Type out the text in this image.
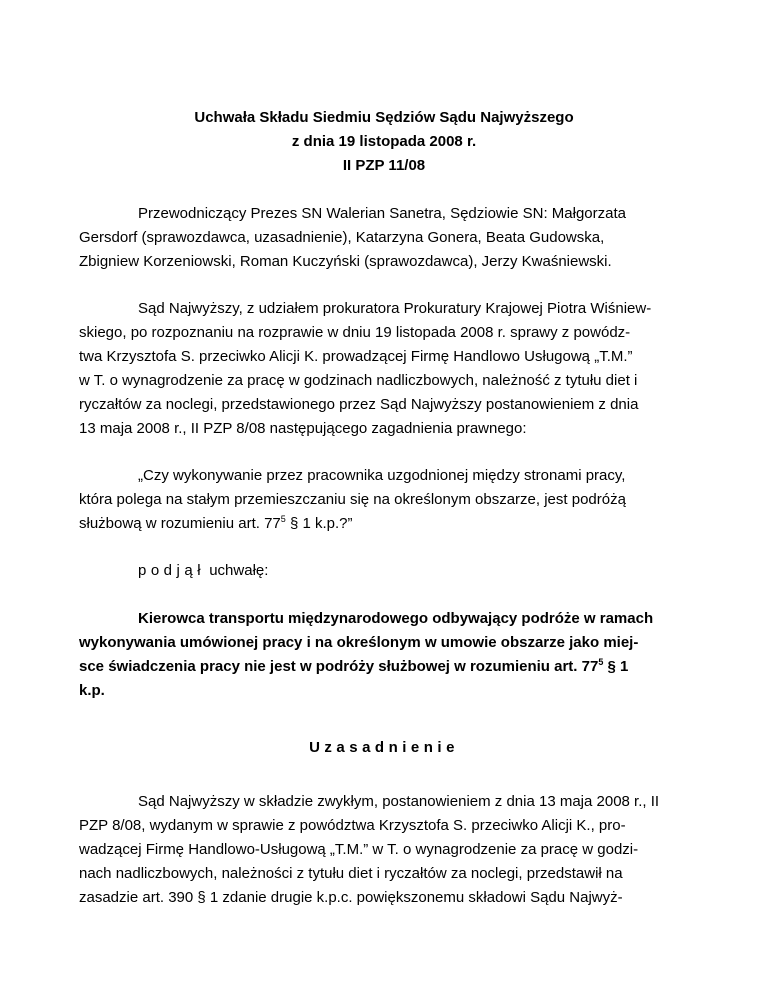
Uchwała Składu Siedmiu Sędziów Sądu Najwyższego
z dnia 19 listopada 2008 r.
II PZP 11/08
Przewodniczący Prezes SN Walerian Sanetra, Sędziowie SN: Małgorzata
Gersdorf (sprawozdawca, uzasadnienie), Katarzyna Gonera, Beata Gudowska,
Zbigniew Korzeniowski, Roman Kuczyński (sprawozdawca), Jerzy Kwaśniewski.
Sąd Najwyższy, z udziałem prokuratora Prokuratury Krajowej Piotra Wiśniew-
skiego, po rozpoznaniu na rozprawie w dniu 19 listopada 2008 r. sprawy z powódz-
twa Krzysztofa S. przeciwko Alicji K. prowadzącej Firmę Handlowo Usługową „T.M.”
w T. o wynagrodzenie za pracę w godzinach nadliczbowych, należność z tytułu diet i
ryczałtów za noclegi, przedstawionego przez Sąd Najwyższy postanowieniem z dnia
13 maja 2008 r., II PZP 8/08 następującego zagadnienia prawnego:
„Czy wykonywanie przez pracownika uzgodnionej między stronami pracy,
która polega na stałym przemieszczaniu się na określonym obszarze, jest podróżą
służbową w rozumieniu art. $77^5$ § 1 k.p.?”
podjął uchwałę:
Kierowca transportu międzynarodowego odbywający podróże w ramach
wykonywania umówionej pracy i na określonym w umowie obszarze jako miej-
sce świadczenia pracy nie jest w podróży służbowej w rozumieniu art. $77^5$ § 1
k.p.
Uzasadnienie
Sąd Najwyższy w składzie zwykłym, postanowieniem z dnia 13 maja 2008 r., II
PZP 8/08, wydanym w sprawie z powództwa Krzysztofa S. przeciwko Alicji K., pro-
wadzącej Firmę Handlowo-Usługową „T.M.” w T. o wynagrodzenie za pracę w godzi-
nach nadliczbowych, należności z tytułu diet i ryczałtów za noclegi, przedstawił na
zasadzie art. 390 § 1 zdanie drugie k.p.c. powiększonemu składowi Sądu Najwyż-
